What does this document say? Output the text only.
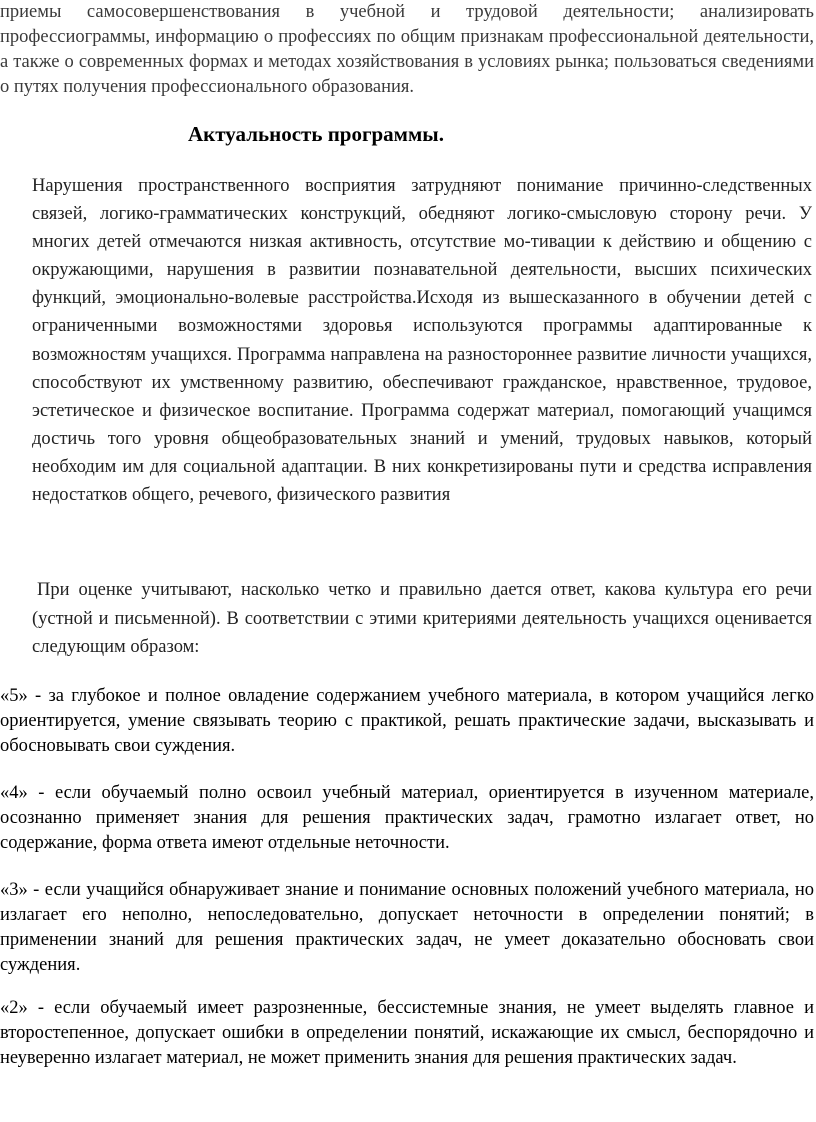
приемы самосовершенствования в учебной и трудовой деятельности; анализировать профессиограммы, информацию о профессиях по общим признакам профессиональной деятельности, а также о современных формах и методах хозяйствования в условиях рынка; пользоваться сведениями о путях получения профессионального образования.

Актуальность программы.

Нарушения пространственного восприятия затрудняют понимание причинно-следственных связей, логико-грамматических конструкций, обедняют логико-смысловую сторону речи. У многих детей отмечаются низкая активность, отсутствие мо-тивации к действию и общению с окружающими, нарушения в развитии познавательной деятельности, высших психических функций, эмоционально-волевые расстройства.Исходя из вышесказанного в обучении детей с ограниченными возможностями здоровья используются программы адаптированные к возможностям учащихся. Программа направлена на разностороннее развитие личности учащихся, способствуют их умственному развитию, обеспечивают гражданское, нравственное, трудовое, эстетическое и физическое воспитание. Программа содержат материал, помогающий учащимся достичь того уровня общеобразовательных знаний и умений, трудовых навыков, который необходим им для социальной адаптации. В них конкретизированы пути и средства исправления недостатков общего, речевого, физического развития

При оценке учитывают, насколько четко и правильно дается ответ, какова культура его речи (устной и письменной). В соответствии с этими критериями деятельность учащихся оценивается следующим образом:

«5» - за глубокое и полное овладение содержанием учебного материала, в котором учащийся легко ориентируется, умение связывать теорию с практикой, решать практические задачи, высказывать и обосновывать свои суждения.

«4» - если обучаемый полно освоил учебный материал, ориентируется в изученном материале, осознанно применяет знания для решения практических задач, грамотно излагает ответ, но содержание, форма ответа имеют отдельные неточности.

«3» - если учащийся обнаруживает знание и понимание основных положений учебного материала, но излагает его неполно, непоследовательно, допускает неточности в определении понятий; в применении знаний для решения практических задач, не умеет доказательно обосновать свои суждения.

«2» - если обучаемый имеет разрозненные, бессистемные знания, не умеет выделять главное и второстепенное, допускает ошибки в определении понятий, искажающие их смысл, беспорядочно и неуверенно излагает материал, не может применить знания для решения практических задач.
